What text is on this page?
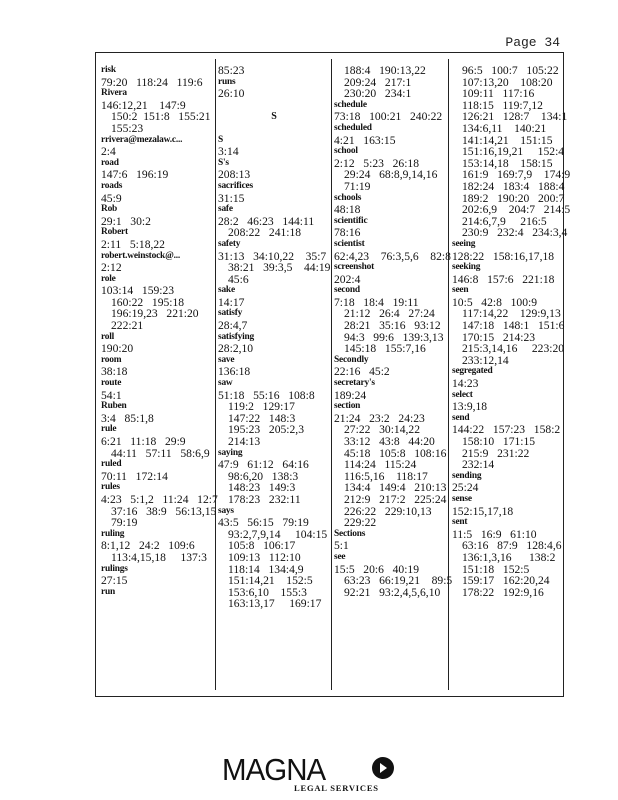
Page 34
risk
79:20   118:24   119:6
Rivera
146:12,21    147:9
150:2  151:8   155:21
155:23
rrivera@mezalaw.c...
2:4
road
147:6   196:19
roads
45:9
Rob
29:1   30:2
Robert
2:11   5:18,22
robert.weinstock@...
2:12
role
103:14   159:23
160:22   195:18
196:19,23   221:20
222:21
roll
190:20
room
38:18
route
54:1
Ruben
3:4   85:1,8
rule
6:21   11:18   29:9
44:11   57:11   58:6,9
ruled
70:11   172:14
rules
4:23   5:1,2   11:24   12:7
37:16   38:9   56:13,15
79:19
ruling
8:1,12   24:2   109:6
113:4,15,18     137:3
rulings
27:15
run
85:23
runs
26:10
S
S
3:14
S's
208:13
sacrifices
31:15
safe
28:2   46:23   144:11
208:22   241:18
safety
31:13   34:10,22    35:7
38:21   39:3,5    44:19
45:6
sake
14:17
satisfy
28:4,7
satisfying
28:2,10
save
136:18
saw
51:18   55:16   108:8
119:2   129:17
147:22   148:3
195:23   205:2,3
214:13
saying
47:9   61:12   64:16
98:6,20   138:3
148:23   149:3
178:23   232:11
says
43:5   56:15   79:19
93:2,7,9,14     104:15
105:8   106:17
109:13   112:10
118:14   134:4,9
151:14,21    152:5
153:6,10    155:3
163:13,17     169:17
188:4   190:13,22
209:24   217:1
230:20   234:1
schedule
73:18   100:21   240:22
scheduled
4:21   163:15
school
2:12   5:23   26:18
29:24   68:8,9,14,16
71:19
schools
48:18
scientific
78:16
scientist
62:4,23    76:3,5,6    82:8
screenshot
202:4
second
7:18   18:4   19:11
21:12   26:4   27:24
28:21   35:16   93:12
94:3   99:6   139:3,13
145:18   155:7,16
Secondly
22:16   45:2
secretary's
189:24
section
21:24   23:2   24:23
27:22   30:14,22
33:12   43:8   44:20
45:18   105:8   108:16
114:24   115:24
116:5,16    118:17
134:4   149:4   210:13
212:9   217:2   225:24
226:22   229:10,13
229:22
Sections
5:1
see
15:5   20:6   40:19
63:23   66:19,21    89:5
92:21   93:2,4,5,6,10
96:5   100:7   105:22
107:13,20    108:20
109:11   117:16
118:15   119:7,12
126:21   128:7    134:1
134:6,11    140:21
141:14,21    151:15
151:16,19,21     152:4
153:14,18    158:15
161:9   169:7,9    174:9
182:24   183:4   188:4
189:2   190:20   200:7
202:6,9    204:7   214:5
214:6,7,9     216:5
230:9   232:4   234:3,4
seeing
128:22   158:16,17,18
seeking
146:8   157:6   221:18
seen
10:5   42:8   100:9
117:14,22    129:9,13
147:18   148:1   151:6
170:15   214:23
215:3,14,16     223:20
233:12,14
segregated
14:23
select
13:9,18
send
144:22   157:23   158:2
158:10   171:15
215:9   231:22
232:14
sending
25:24
sense
152:15,17,18
sent
11:5   16:9   61:10
63:16   87:9   128:4,6
136:1,3,16      138:2
151:18   152:5
159:17   162:20,24
178:22   192:9,16
MAGNA
LEGAL SERVICES
